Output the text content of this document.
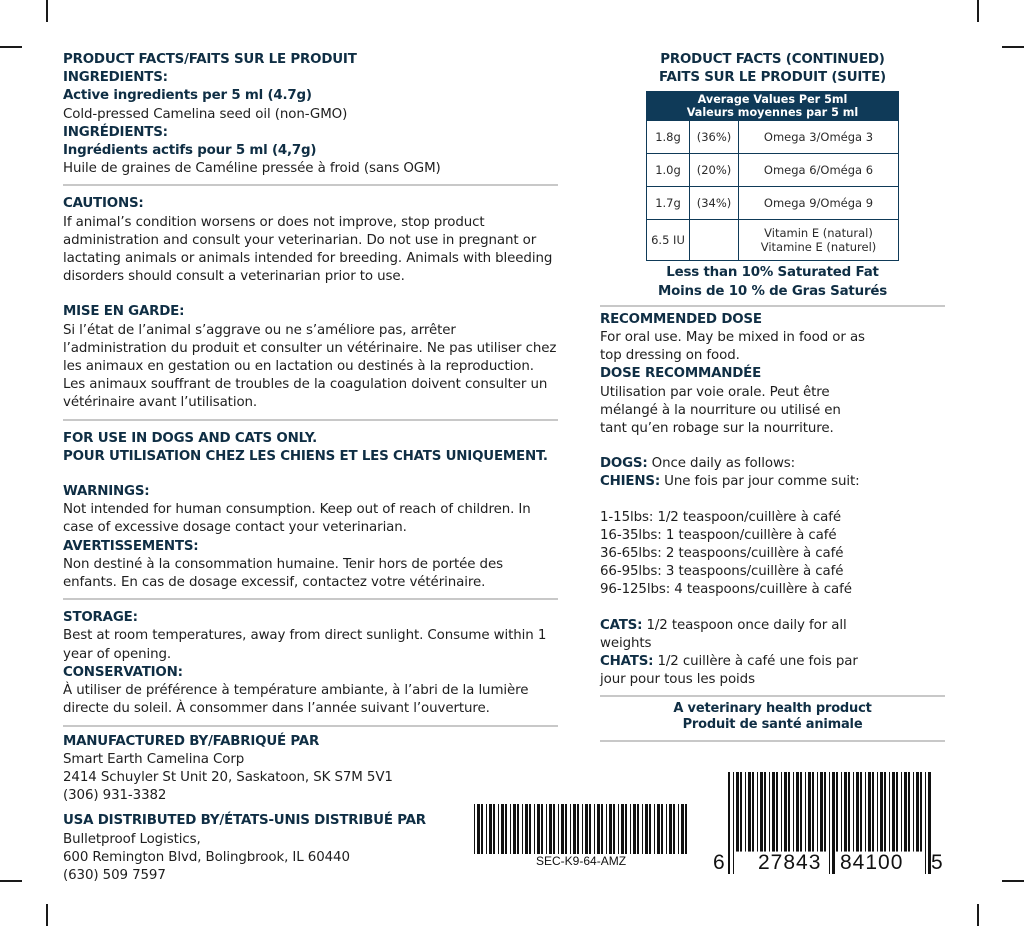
PRODUCT FACTS/FAITS SUR LE PRODUIT
INGREDIENTS:
Active ingredients per 5 ml (4.7g)
Cold-pressed Camelina seed oil (non-GMO)
INGRÉDIENTS:
Ingrédients actifs pour 5 ml (4,7g)
Huile de graines de Caméline pressée à froid (sans OGM)
CAUTIONS:
If animal’s condition worsens or does not improve, stop product administration and consult your veterinarian. Do not use in pregnant or lactating animals or animals intended for breeding. Animals with bleeding disorders should consult a veterinarian prior to use.
MISE EN GARDE:
Si l’état de l’animal s’aggrave ou ne s’améliore pas, arrêter l’administration du produit et consulter un vétérinaire. Ne pas utiliser chez les animaux en gestation ou en lactation ou destinés à la reproduction. Les animaux souffrant de troubles de la coagulation doivent consulter un vétérinaire avant l’utilisation.
FOR USE IN DOGS AND CATS ONLY.
POUR UTILISATION CHEZ LES CHIENS ET LES CHATS UNIQUEMENT.
WARNINGS:
Not intended for human consumption. Keep out of reach of children. In case of excessive dosage contact your veterinarian.
AVERTISSEMENTS:
Non destiné à la consommation humaine. Tenir hors de portée des enfants. En cas de dosage excessif, contactez votre vétérinaire.
STORAGE:
Best at room temperatures, away from direct sunlight. Consume within 1 year of opening.
CONSERVATION:
À utiliser de préférence à température ambiante, à l’abri de la lumière directe du soleil. À consommer dans l’année suivant l’ouverture.
MANUFACTURED BY/FABRIQUÉ PAR
Smart Earth Camelina Corp
2414 Schuyler St Unit 20, Saskatoon, SK S7M 5V1
(306) 931-3382
USA DISTRIBUTED BY/ÉTATS-UNIS DISTRIBUÉ PAR
Bulletproof Logistics,
600 Remington Blvd, Bolingbrook, IL 60440
(630) 509 7597
PRODUCT FACTS (CONTINUED)
FAITS SUR LE PRODUIT (SUITE)
Average Values Per 5ml
Valeurs moyennes par 5 ml		

1.8g	(36%)	Omega 3/Oméga 3
1.0g	(20%)	Omega 6/Oméga 6
1.7g	(34%)	Omega 9/Oméga 9
6.5 IU		Vitamin E (natural)
Vitamine E (naturel)
Less than 10% Saturated Fat
Moins de 10 % de Gras Saturés
RECOMMENDED DOSE
For oral use. May be mixed in food or as top dressing on food.
DOSE RECOMMANDÉE
Utilisation par voie orale. Peut être mélangé à la nourriture ou utilisé en tant qu’en robage sur la nourriture.
DOGS: Once daily as follows:
CHIENS: Une fois par jour comme suit:
1-15lbs: 1/2 teaspoon/cuillère à café
16-35lbs: 1 teaspoon/cuillère à café
36-65lbs: 2 teaspoons/cuillère à café
66-95lbs: 3 teaspoons/cuillère à café
96-125lbs: 4 teaspoons/cuillère à café
CATS: 1/2 teaspoon once daily for all weights
CHATS: 1/2 cuillère à café une fois par jour pour tous les poids
A veterinary health product
Produit de santé animale
SEC-K9-64-AMZ	6 27843 84100 5
